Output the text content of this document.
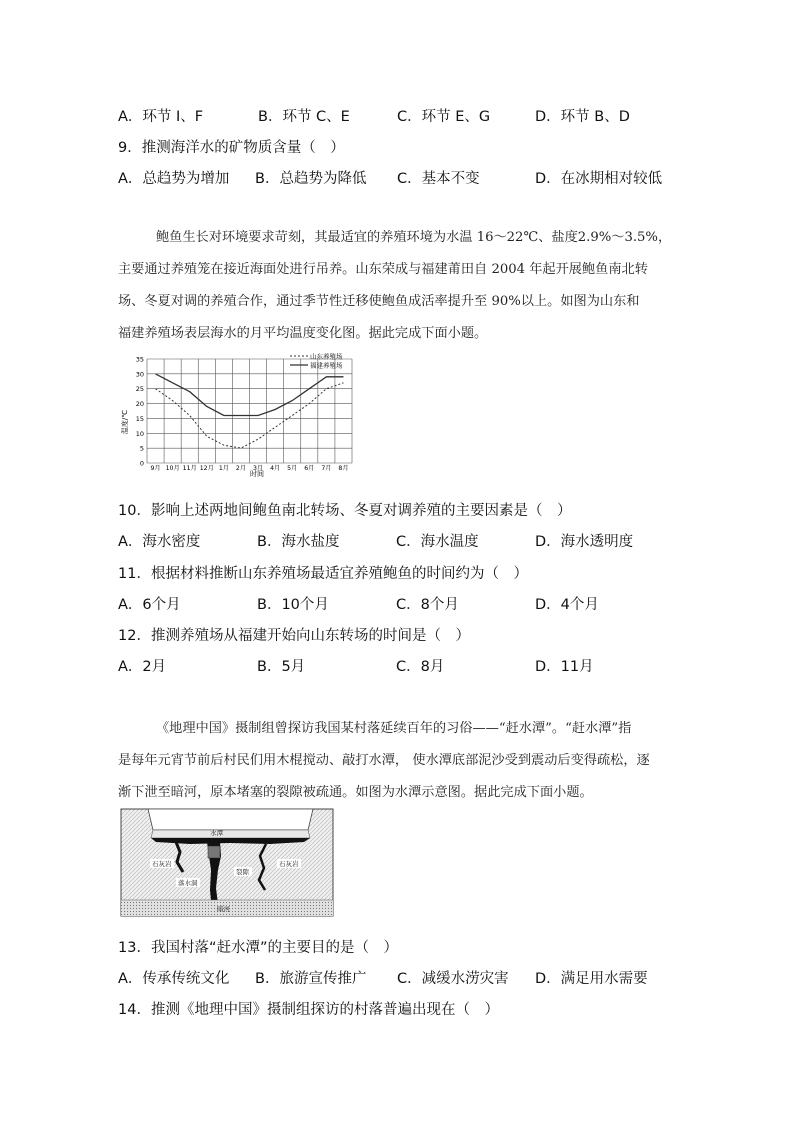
A．环节 I、F	B．环节 C、E	C．环节 E、G	D．环节 B、D
9．推测海洋水的矿物质含量（　）
A．总趋势为增加 B．总趋势为降低 C．基本不变	D．在冰期相对较低
鲍鱼生长对环境要求苛刻，其最适宜的养殖环境为水温 16～22℃、盐度2.9%～3.5%，
主要通过养殖笼在接近海面处进行吊养。山东荣成与福建莆田自 2004 年起开展鲍鱼南北转
场、冬夏对调的养殖合作，通过季节性迁移使鲍鱼成活率提升至 90%以上。如图为山东和
福建养殖场表层海水的月平均温度变化图。据此完成下面小题。
0
5
10
15
20
25
30
35
9月 10月 11月 12月 1月 2月 3月 4月 5月 6月 7月 8月
温度/℃
时间
山东养殖场
福建养殖场
10．影响上述两地间鲍鱼南北转场、冬夏对调养殖的主要因素是（　）
A．海水密度	B．海水盐度	C．海水温度	D．海水透明度
11．根据材料推断山东养殖场最适宜养殖鲍鱼的时间约为（　）
A．6个月	B．10个月	C．8个月	D．4个月
12．推测养殖场从福建开始向山东转场的时间是（　）
A．2月	B．5月	C．8月	D．11月
《地理中国》摄制组曾探访我国某村落延续百年的习俗——“赶水潭”。“赶水潭”指
是每年元宵节前后村民们用木棍搅动、敲打水潭， 使水潭底部泥沙受到震动后变得疏松，逐
渐下泄至暗河，原本堵塞的裂隙被疏通。如图为水潭示意图。据此完成下面小题。
水潭
石灰岩	石灰岩
落水洞
裂隙
暗河
13．我国村落“赶水潭”的主要目的是（　）
A．传承传统文化 B．旅游宣传推广 C．减缓水涝灾害 D．满足用水需要
14．推测《地理中国》摄制组探访的村落普遍出现在（　）
